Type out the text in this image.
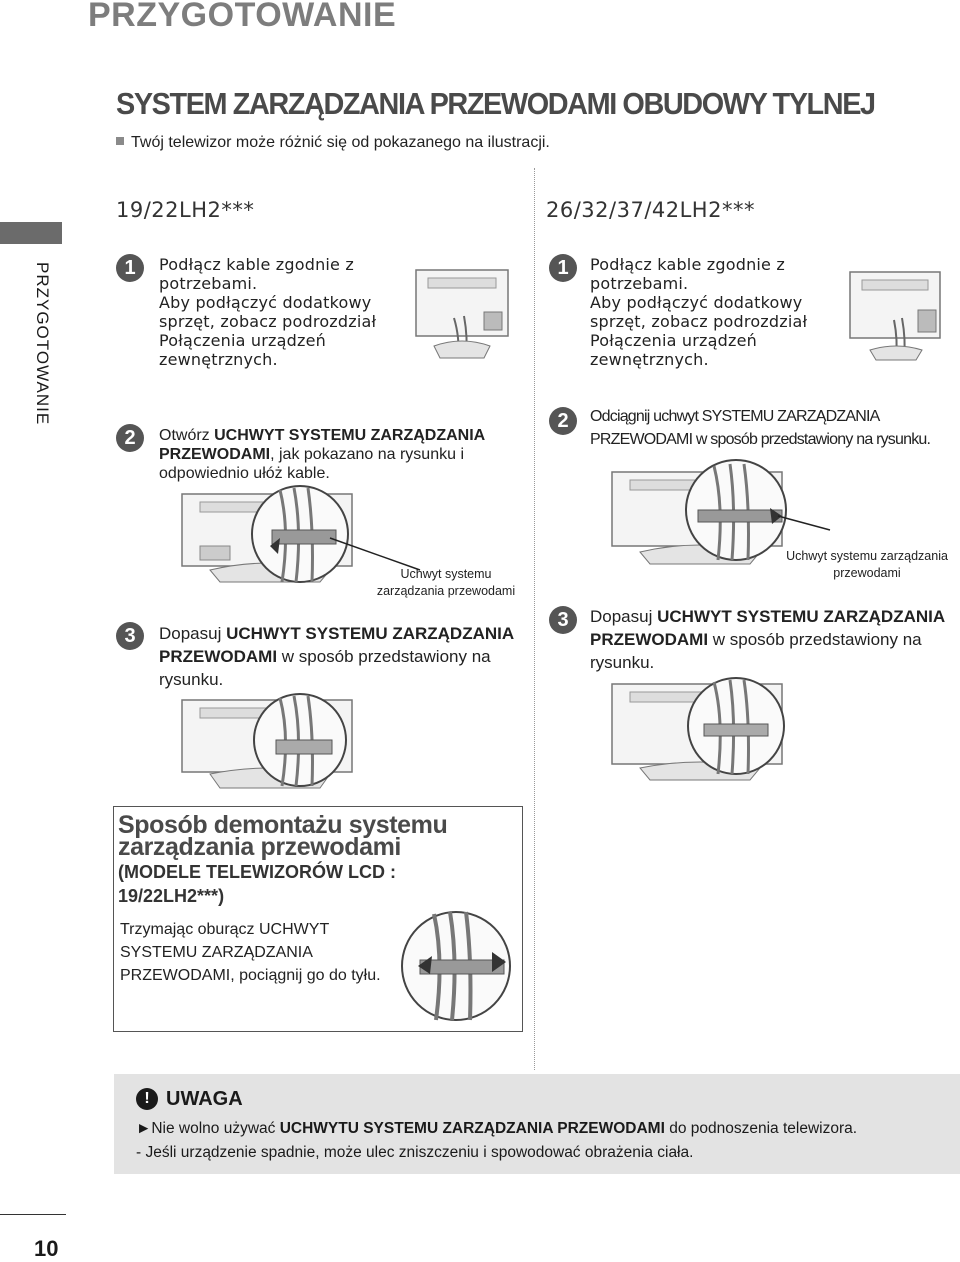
PRZYGOTOWANIE
SYSTEM ZARZĄDZANIA PRZEWODAMI OBUDOWY TYLNEJ
Twój telewizor może różnić się od pokazanego na ilustracji.
PRZYGOTOWANIE
19/22LH2***
1	Podłącz kable zgodnie z potrzebami.
Aby podłączyć dodatkowy sprzęt, zobacz podrozdział Połączenia urządzeń zewnętrznych.
2	Otwórz UCHWYT SYSTEMU ZARZĄDZANIA PRZEWODAMI, jak pokazano na rysunku i odpowiednio ułóż kable.
Uchwyt systemu
zarządzania przewodami
3	Dopasuj UCHWYT SYSTEMU ZARZĄDZANIA PRZEWODAMI w sposób przedstawiony na rysunku.
26/32/37/42LH2***
1	Podłącz kable zgodnie z potrzebami.
Aby podłączyć dodatkowy sprzęt, zobacz podrozdział Połączenia urządzeń zewnętrznych.
2	Odciągnij uchwyt SYSTEMU ZARZĄDZANIA PRZEWODAMI w sposób przedstawiony na rysunku.
Uchwyt systemu zarządzania
przewodami
3	Dopasuj UCHWYT SYSTEMU ZARZĄDZANIA PRZEWODAMI w sposób przedstawiony na rysunku.
Sposób demontażu systemu
zarządzania przewodami
(MODELE TELEWIZORÓW LCD :
19/22LH2***)
Trzymając oburącz UCHWYT SYSTEMU ZARZĄDZANIA PRZEWODAMI, pociągnij go do tyłu.
! UWAGA
►Nie wolno używać UCHWYTU SYSTEMU ZARZĄDZANIA PRZEWODAMI do podnoszenia telewizora.
- Jeśli urządzenie spadnie, może ulec zniszczeniu i spowodować obrażenia ciała.
10
